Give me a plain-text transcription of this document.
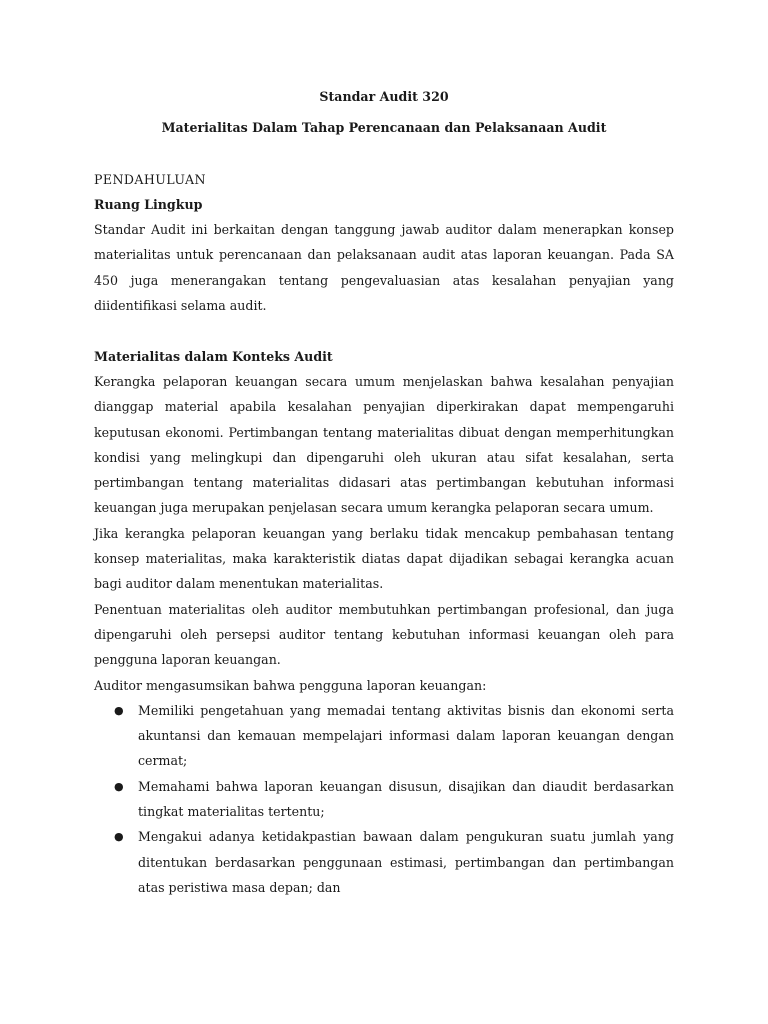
Standar Audit 320

Materialitas Dalam Tahap Perencanaan dan Pelaksanaan Audit

PENDAHULUAN

Ruang Lingkup

Standar Audit ini berkaitan dengan tanggung jawab auditor dalam menerapkan konsep materialitas untuk perencanaan dan pelaksanaan audit atas laporan keuangan. Pada SA 450 juga menerangakan tentang pengevaluasian atas kesalahan penyajian yang diidentifikasi selama audit.

Materialitas dalam Konteks Audit

Kerangka pelaporan keuangan secara umum menjelaskan bahwa kesalahan penyajian dianggap material apabila kesalahan penyajian diperkirakan dapat mempengaruhi keputusan ekonomi. Pertimbangan tentang materialitas dibuat dengan memperhitungkan kondisi yang melingkupi dan dipengaruhi oleh ukuran atau sifat kesalahan, serta pertimbangan tentang materialitas didasari atas pertimbangan kebutuhan informasi keuangan juga merupakan penjelasan secara umum kerangka pelaporan secara umum.

Jika kerangka pelaporan keuangan yang berlaku tidak mencakup pembahasan tentang konsep materialitas, maka karakteristik diatas dapat dijadikan sebagai kerangka acuan bagi auditor dalam menentukan materialitas.

Penentuan materialitas oleh auditor membutuhkan pertimbangan profesional, dan juga dipengaruhi oleh persepsi auditor tentang kebutuhan informasi keuangan oleh para pengguna laporan keuangan.

Auditor mengasumsikan bahwa pengguna laporan keuangan:

● Memiliki pengetahuan yang memadai tentang aktivitas bisnis dan ekonomi serta akuntansi dan kemauan mempelajari informasi dalam laporan keuangan dengan cermat;
● Memahami bahwa laporan keuangan disusun, disajikan dan diaudit berdasarkan tingkat materialitas tertentu;
● Mengakui adanya ketidakpastian bawaan dalam pengukuran suatu jumlah yang ditentukan berdasarkan penggunaan estimasi, pertimbangan dan pertimbangan atas peristiwa masa depan; dan
